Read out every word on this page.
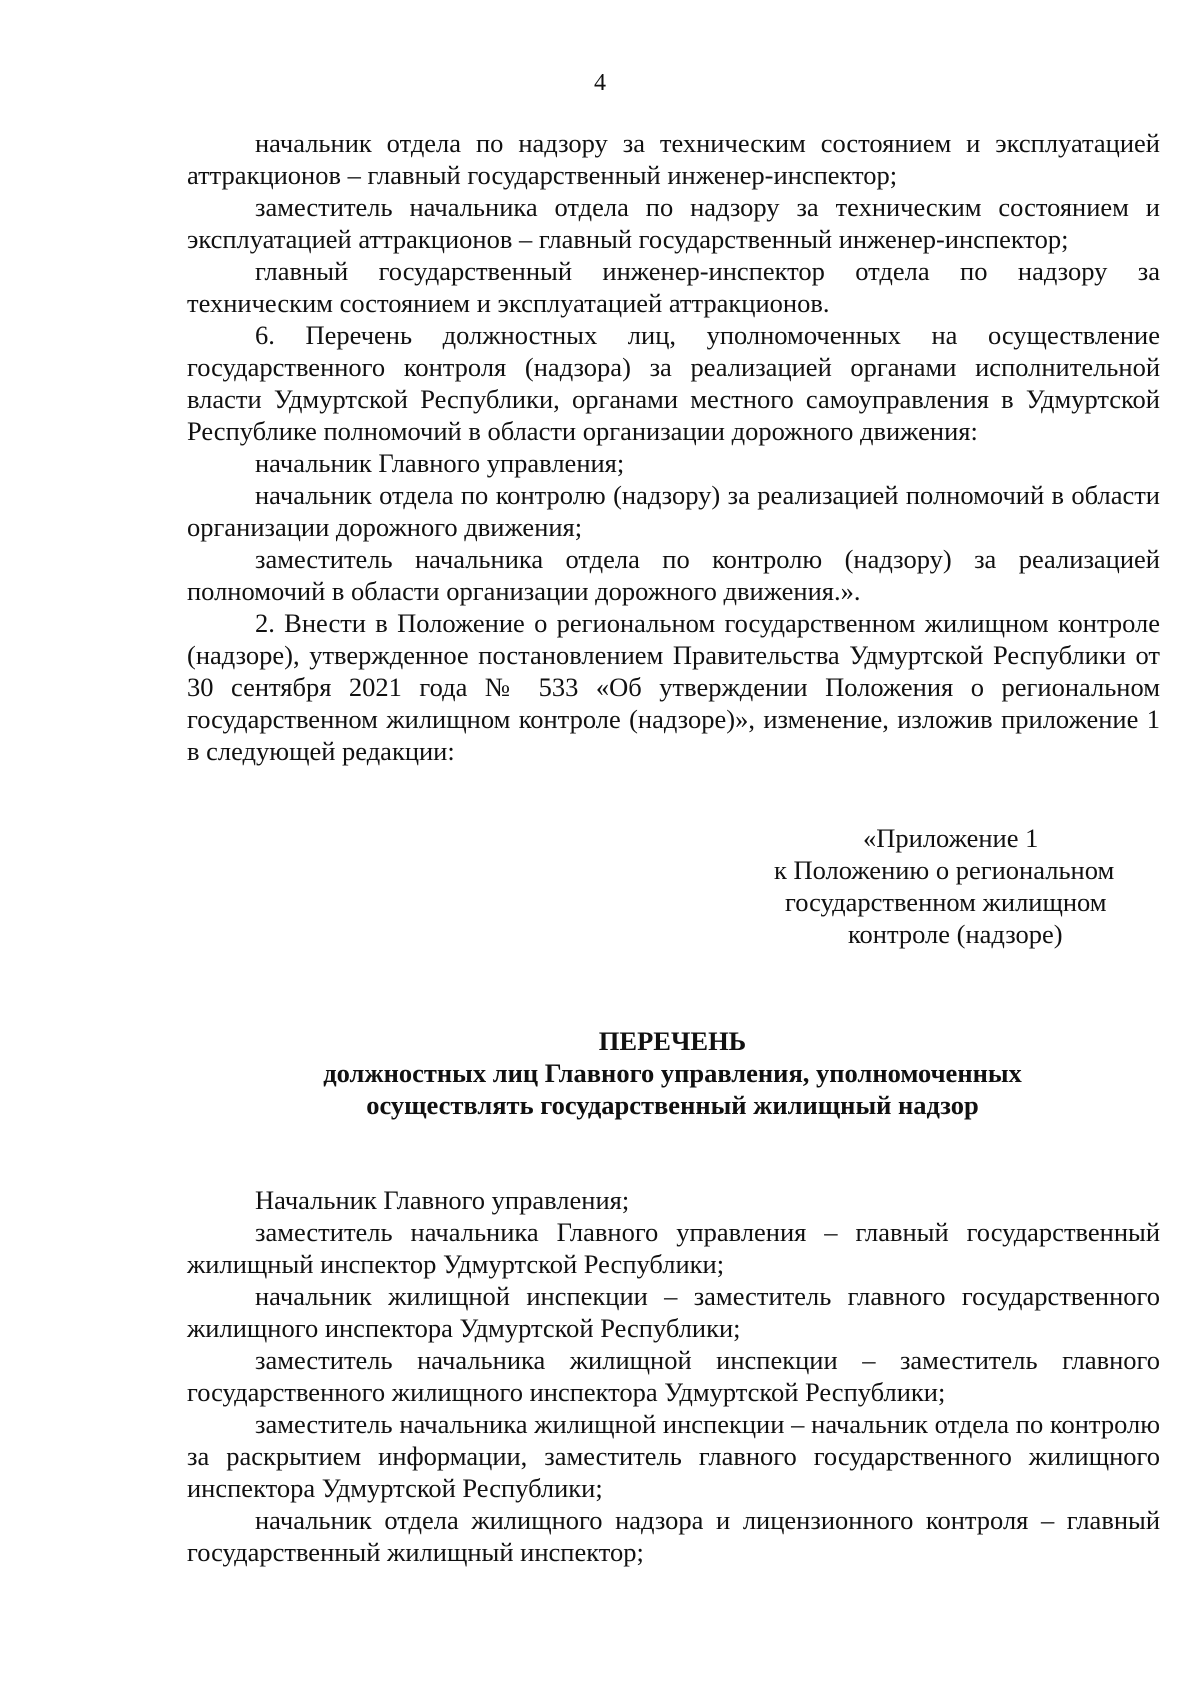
4

начальник отдела по надзору за техническим состоянием и эксплуатацией аттракционов – главный государственный инженер-инспектор;

заместитель начальника отдела по надзору за техническим состоянием и эксплуатацией аттракционов – главный государственный инженер-инспектор;

главный государственный инженер-инспектор отдела по надзору за техническим состоянием и эксплуатацией аттракционов.

6. Перечень должностных лиц, уполномоченных на осуществление государственного контроля (надзора) за реализацией органами исполнительной власти Удмуртской Республики, органами местного самоуправления в Удмуртской Республике полномочий в области организации дорожного движения:

начальник Главного управления;

начальник отдела по контролю (надзору) за реализацией полномочий в области организации дорожного движения;

заместитель начальника отдела по контролю (надзору) за реализацией полномочий в области организации дорожного движения.».

2. Внести в Положение о региональном государственном жилищном контроле (надзоре), утвержденное постановлением Правительства Удмуртской Республики от 30 сентября 2021 года № 533 «Об утверждении Положения о региональном государственном жилищном контроле (надзоре)», изменение, изложив приложение 1 в следующей редакции:

«Приложение 1
к Положению о региональном
государственном жилищном
контроле (надзоре)
ПЕРЕЧЕНЬ
должностных лиц Главного управления, уполномоченных
осуществлять государственный жилищный надзор

Начальник Главного управления;

заместитель начальника Главного управления – главный государственный жилищный инспектор Удмуртской Республики;

начальник жилищной инспекции – заместитель главного государственного жилищного инспектора Удмуртской Республики;

заместитель начальника жилищной инспекции – заместитель главного государственного жилищного инспектора Удмуртской Республики;

заместитель начальника жилищной инспекции – начальник отдела по контролю за раскрытием информации, заместитель главного государственного жилищного инспектора Удмуртской Республики;

начальник отдела жилищного надзора и лицензионного контроля – главный государственный жилищный инспектор;
